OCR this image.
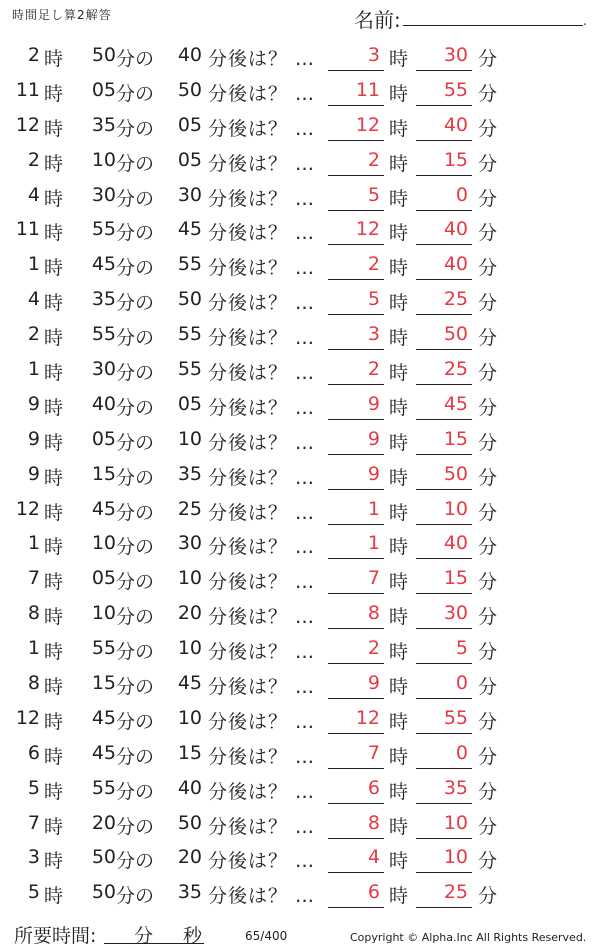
時間足し算2解答	名前:	.
2 時	50 分の	40 分後は？ …	3 時	30 分
11 時	05 分の	50 分後は？ …	11 時	55 分
12 時	35 分の	05 分後は？ …	12 時	40 分
2 時	10 分の	05 分後は？ …	2 時	15 分
4 時	30 分の	30 分後は？ …	5 時	0 分
11 時	55 分の	45 分後は？ …	12 時	40 分
1 時	45 分の	55 分後は？ …	2 時	40 分
4 時	35 分の	50 分後は？ …	5 時	25 分
2 時	55 分の	55 分後は？ …	3 時	50 分
1 時	30 分の	55 分後は？ …	2 時	25 分
9 時	40 分の	05 分後は？ …	9 時	45 分
9 時	05 分の	10 分後は？ …	9 時	15 分
9 時	15 分の	35 分後は？ …	9 時	50 分
12 時	45 分の	25 分後は？ …	1 時	10 分
1 時	10 分の	30 分後は？ …	1 時	40 分
7 時	05 分の	10 分後は？ …	7 時	15 分
8 時	10 分の	20 分後は？ …	8 時	30 分
1 時	55 分の	10 分後は？ …	2 時	5 分
8 時	15 分の	45 分後は？ …	9 時	0 分
12 時	45 分の	10 分後は？ …	12 時	55 分
6 時	45 分の	15 分後は？ …	7 時	0 分
5 時	55 分の	40 分後は？ …	6 時	35 分
7 時	20 分の	50 分後は？ …	8 時	10 分
3 時	50 分の	20 分後は？ …	4 時	10 分
5 時	50 分の	35 分後は？ …	6 時	25 分
所要時間: 分 秒	65/400	Copyright © Alpha.Inc All Rights Reserved.
